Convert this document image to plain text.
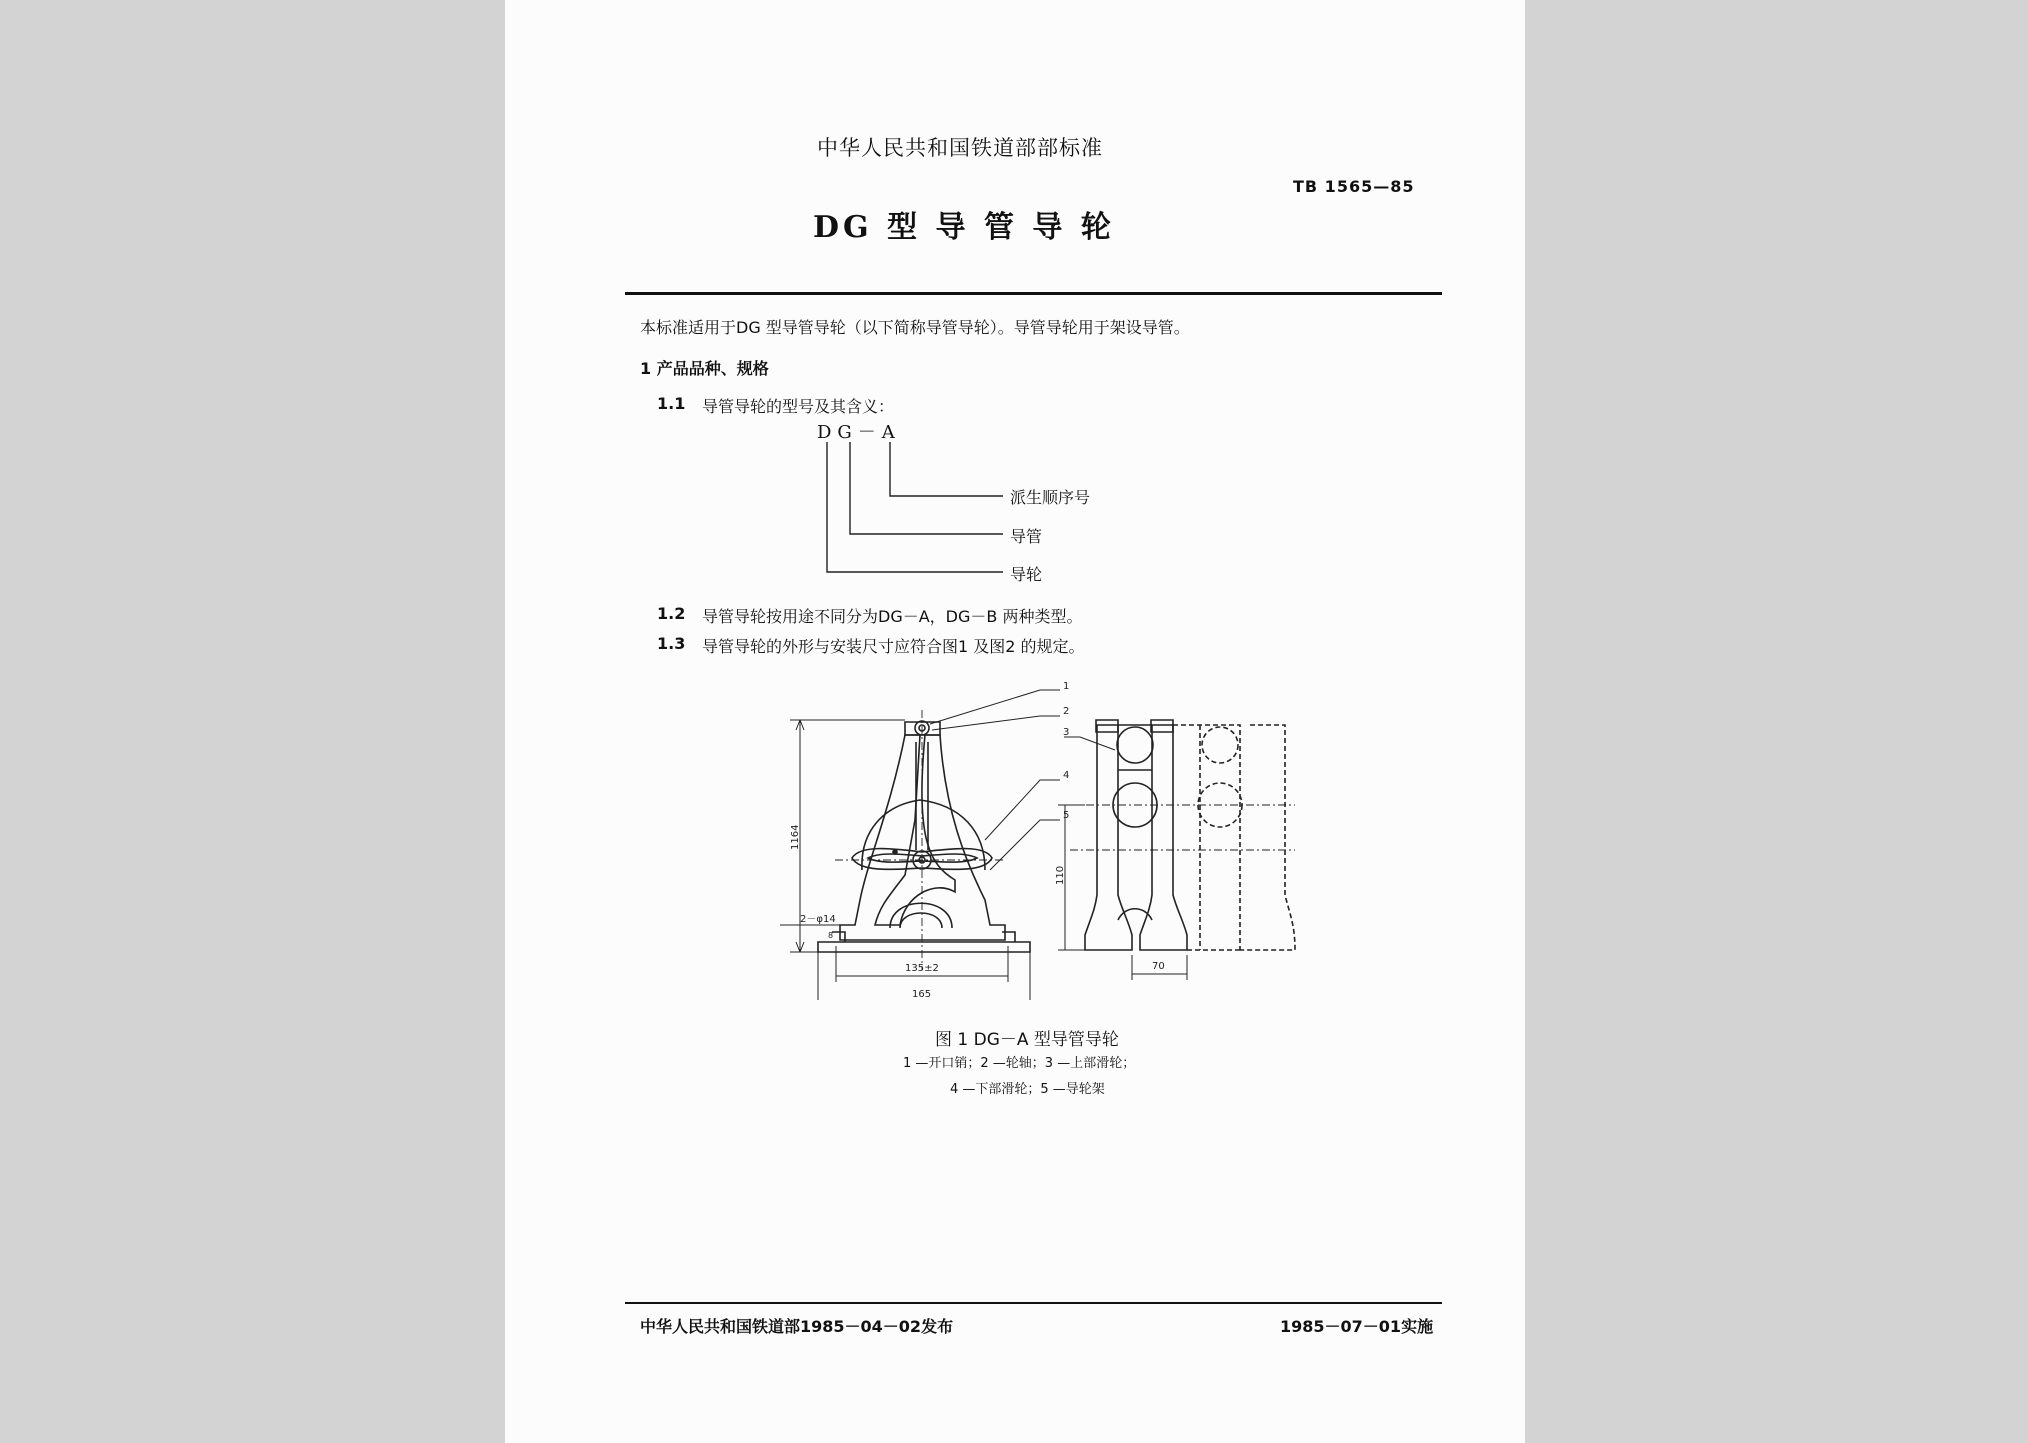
中华人民共和国铁道部部标准
TB 1565—85
DG 型 导 管 导 轮
本标准适用于DG 型导管导轮（以下简称导管导轮）。导管导轮用于架设导管。
1 产品品种、规格
1.1 导管导轮的型号及其含义：
DG－A
派生顺序号
导管
导轮
1.2 导管导轮按用途不同分为DG－A，DG－B 两种类型。
1.3 导管导轮的外形与安装尺寸应符合图1 及图2 的规定。
1
2
3
4
5
1164
2－φ14
8
135±2
165
110
70
图 1 DG－A 型导管导轮
1 —开口销；2 —轮轴；3 —上部滑轮；
4 —下部滑轮；5 —导轮架
中华人民共和国铁道部1985－04－02发布	1985－07－01实施
